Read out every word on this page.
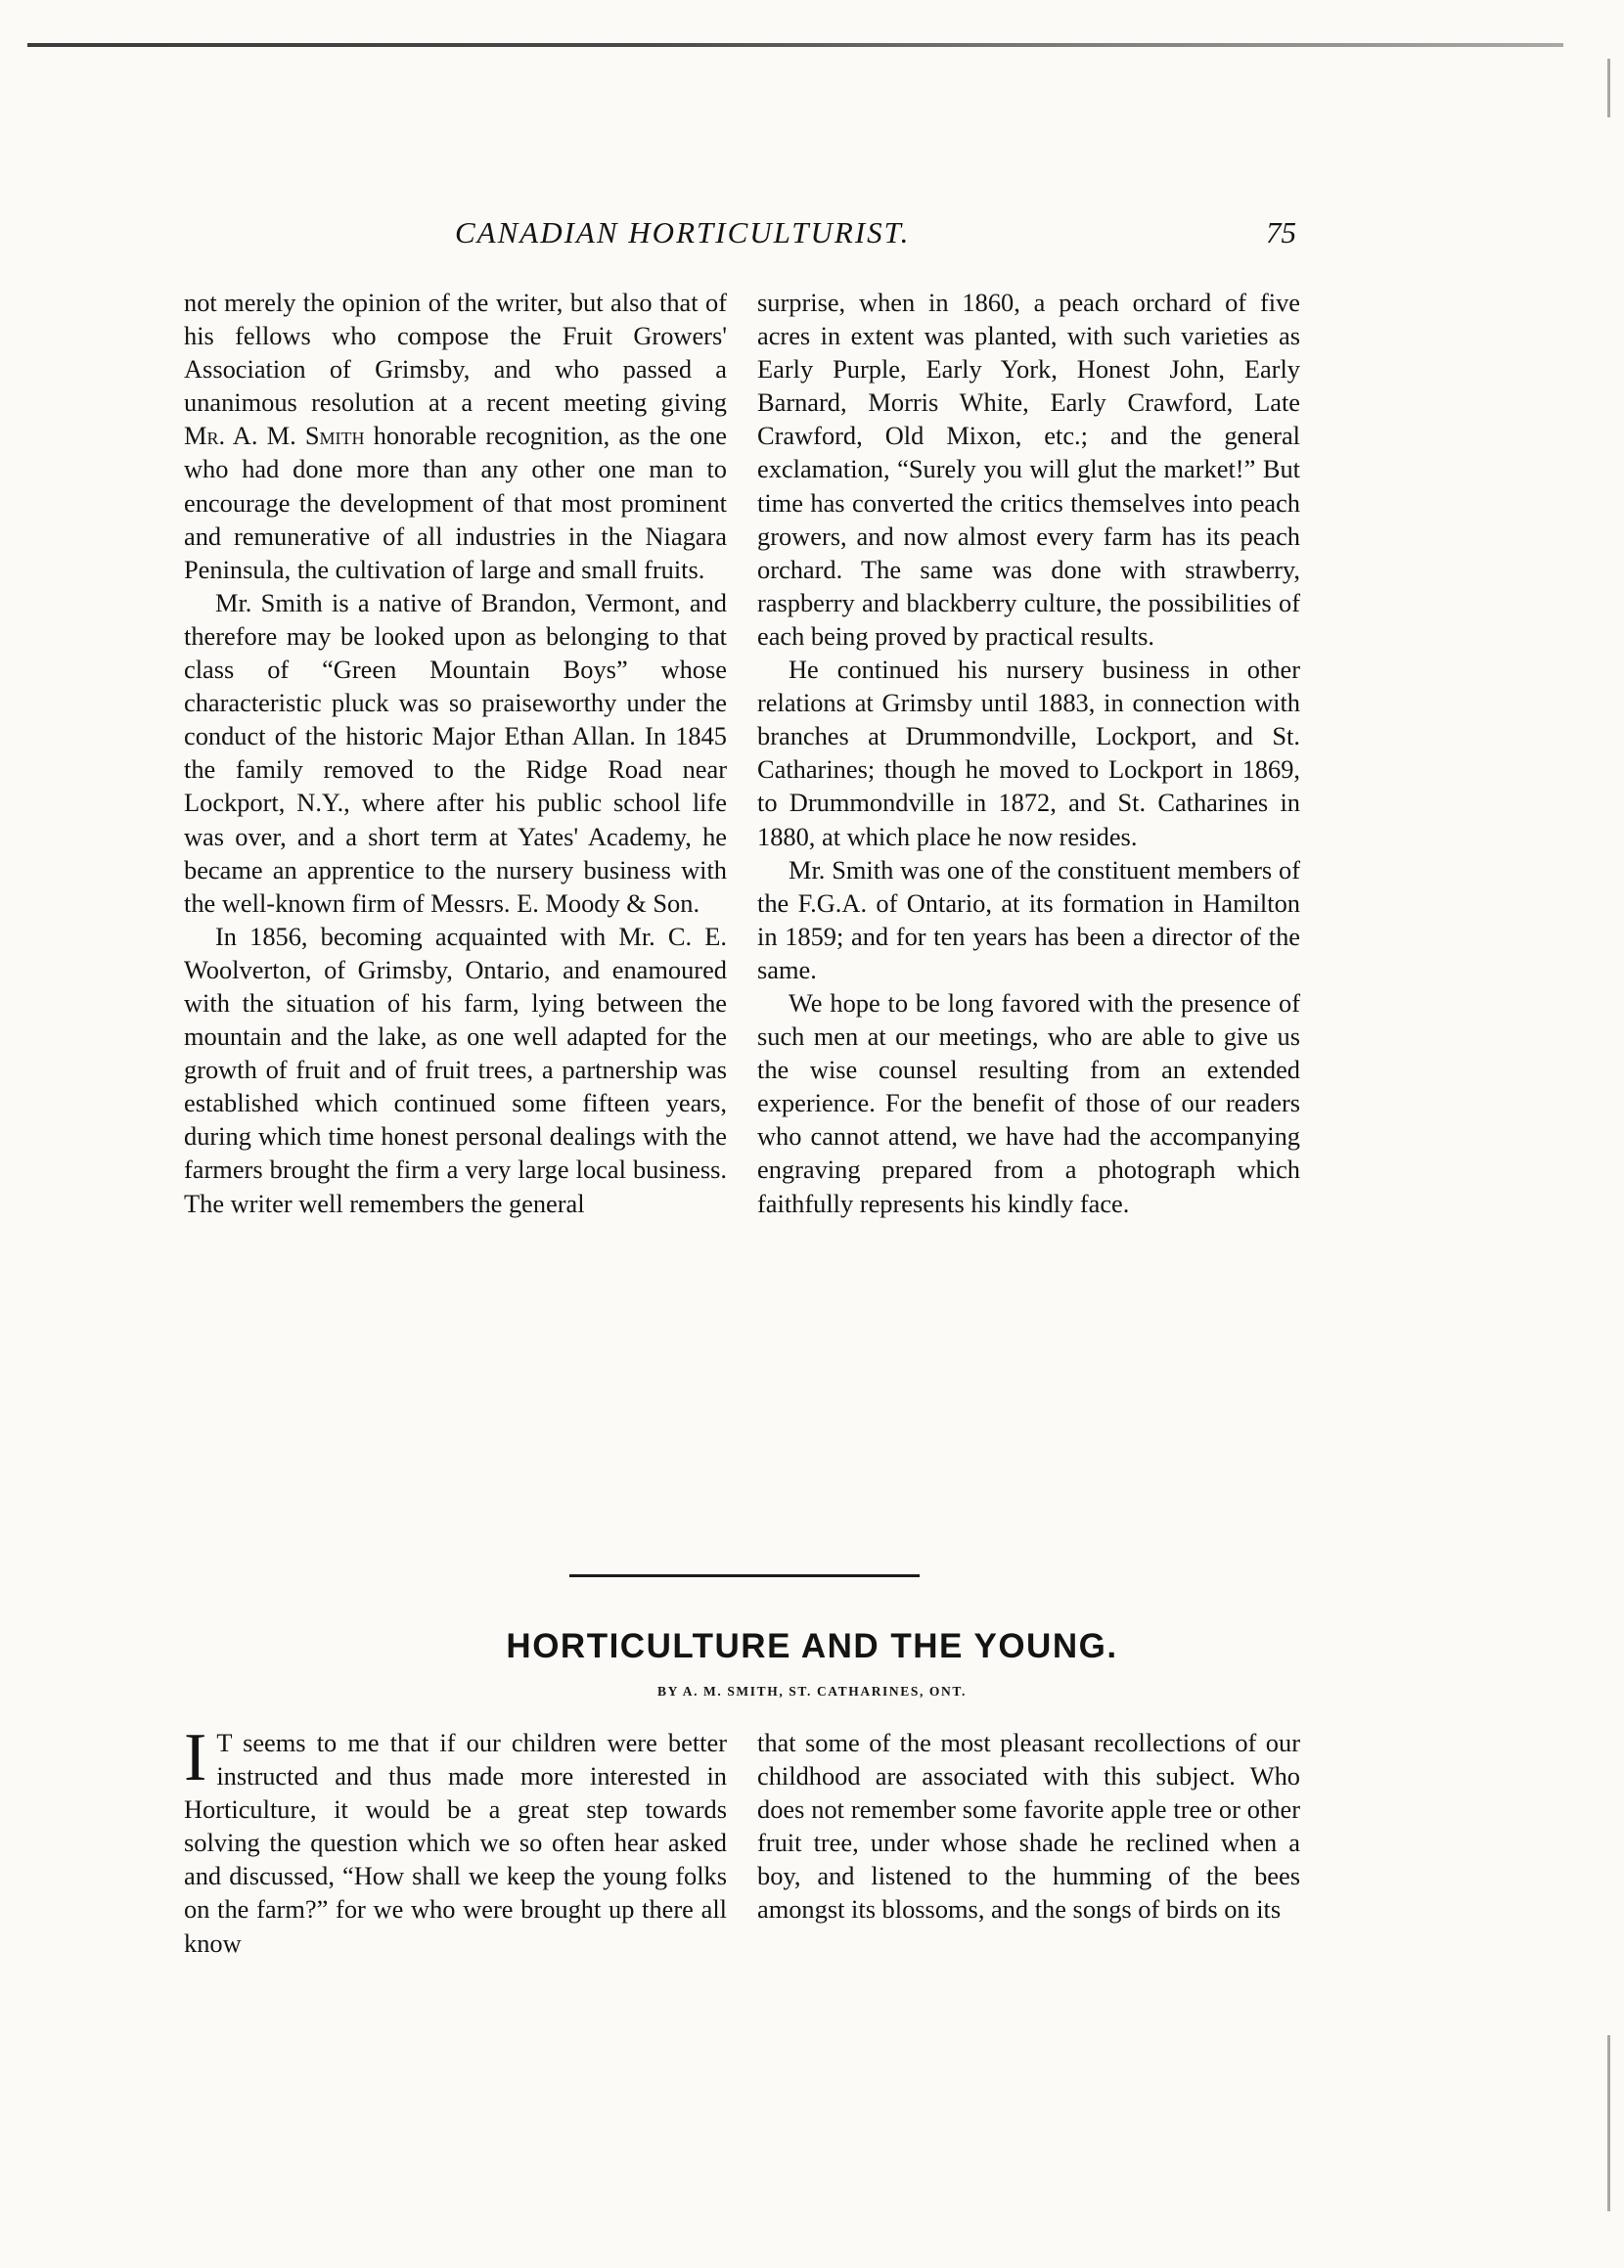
CANADIAN HORTICULTURIST.	75

not merely the opinion of the writer, but also that of his fellows who compose the Fruit Growers' Association of Grimsby, and who passed a unanimous resolution at a recent meeting giving Mr. A. M. Smith honorable recognition, as the one who had done more than any other one man to encourage the development of that most prominent and remunerative of all industries in the Niagara Peninsula, the cultivation of large and small fruits.

Mr. Smith is a native of Brandon, Vermont, and therefore may be looked upon as belonging to that class of “Green Mountain Boys” whose characteristic pluck was so praiseworthy under the conduct of the historic Major Ethan Allan. In 1845 the family removed to the Ridge Road near Lockport, N.Y., where after his public school life was over, and a short term at Yates' Academy, he became an apprentice to the nursery business with the well-known firm of Messrs. E. Moody & Son.

In 1856, becoming acquainted with Mr. C. E. Woolverton, of Grimsby, Ontario, and enamoured with the situation of his farm, lying between the mountain and the lake, as one well adapted for the growth of fruit and of fruit trees, a partnership was established which continued some fifteen years, during which time honest personal dealings with the farmers brought the firm a very large local business. The writer well remembers the general

surprise, when in 1860, a peach orchard of five acres in extent was planted, with such varieties as Early Purple, Early York, Honest John, Early Barnard, Morris White, Early Crawford, Late Crawford, Old Mixon, etc.; and the general exclamation, “Surely you will glut the market!” But time has converted the critics themselves into peach growers, and now almost every farm has its peach orchard. The same was done with strawberry, raspberry and blackberry culture, the possibilities of each being proved by practical results.

He continued his nursery business in other relations at Grimsby until 1883, in connection with branches at Drummondville, Lockport, and St. Catharines; though he moved to Lockport in 1869, to Drummondville in 1872, and St. Catharines in 1880, at which place he now resides.

Mr. Smith was one of the constituent members of the F.G.A. of Ontario, at its formation in Hamilton in 1859; and for ten years has been a director of the same.

We hope to be long favored with the presence of such men at our meetings, who are able to give us the wise counsel resulting from an extended experience. For the benefit of those of our readers who cannot attend, we have had the accompanying engraving prepared from a photograph which faithfully represents his kindly face.

HORTICULTURE AND THE YOUNG.
BY A. M. SMITH, ST. CATHARINES, ONT.

I T seems to me that if our children were better instructed and thus made more interested in Horticulture, it would be a great step towards solving the question which we so often hear asked and discussed, “How shall we keep the young folks on the farm?” for we who were brought up there all know

that some of the most pleasant recollections of our childhood are associated with this subject. Who does not remember some favorite apple tree or other fruit tree, under whose shade he reclined when a boy, and listened to the humming of the bees amongst its blossoms, and the songs of birds on its
